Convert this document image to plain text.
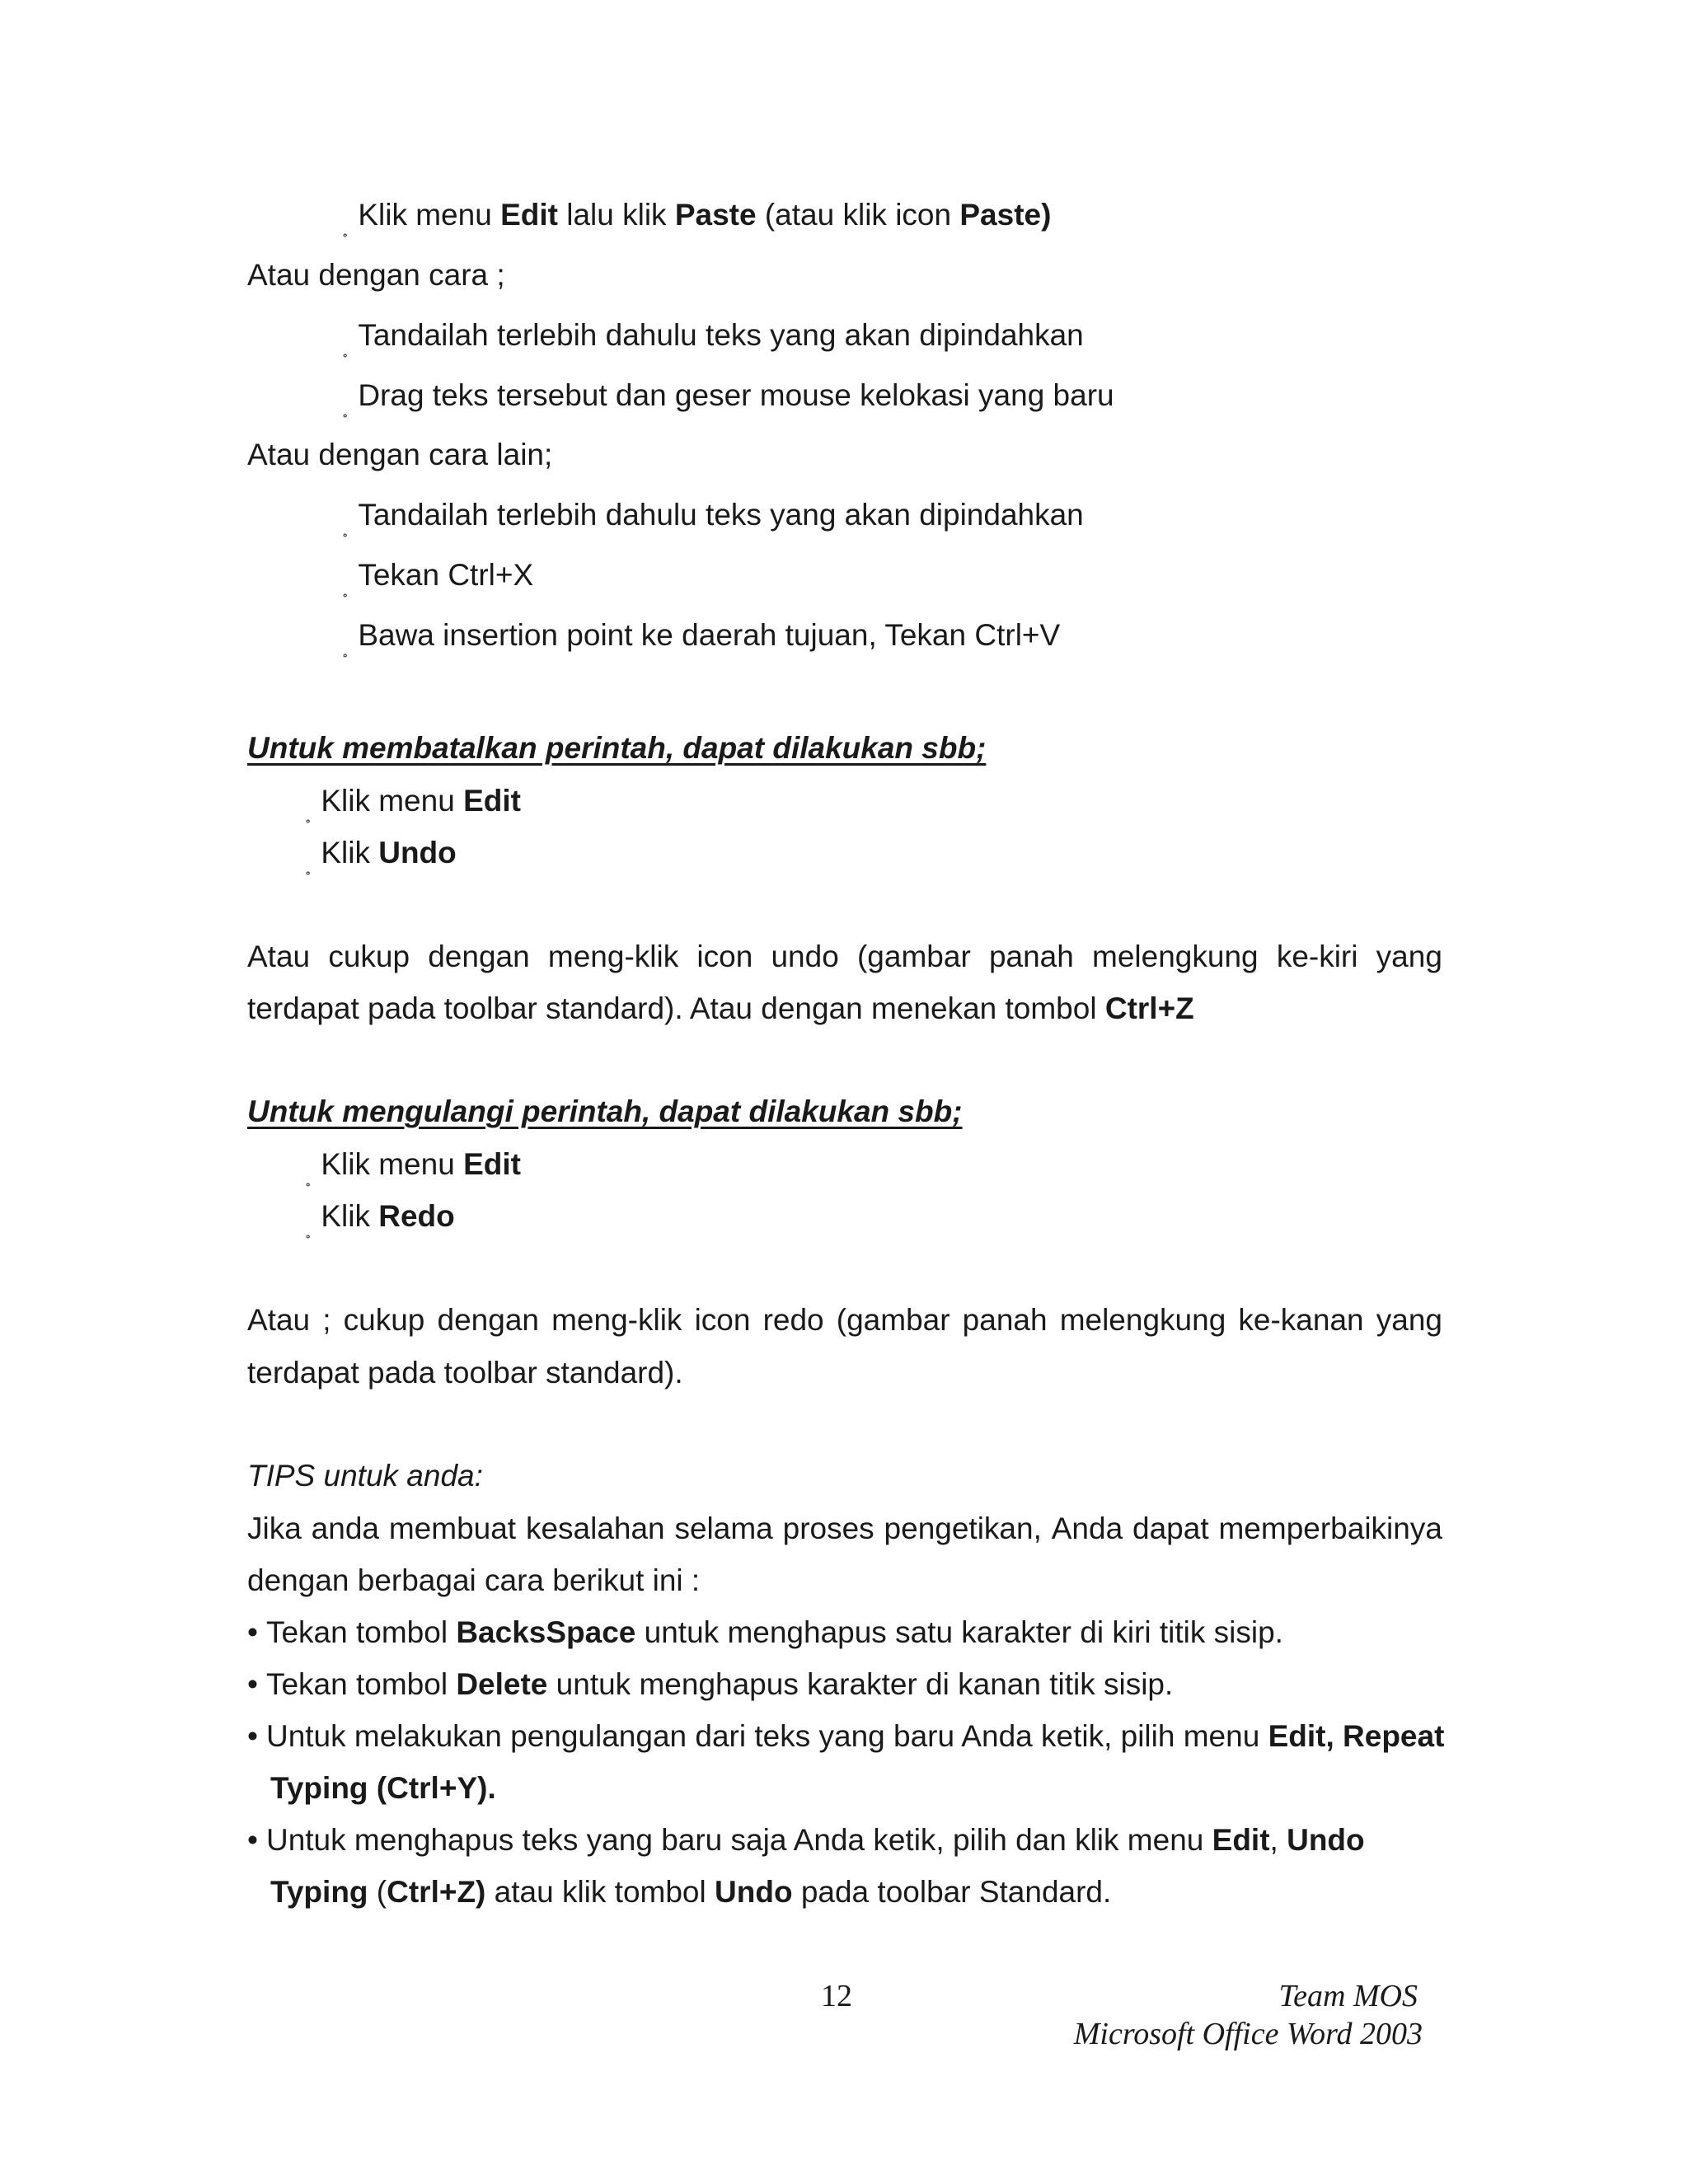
$_˳$ Klik menu Edit lalu klik Paste (atau klik icon Paste)
Atau dengan cara ;
$_˳$ Tandailah terlebih dahulu teks yang akan dipindahkan
$_˳$ Drag teks tersebut dan geser mouse kelokasi yang baru
Atau dengan cara lain;
$_˳$ Tandailah terlebih dahulu teks yang akan dipindahkan
$_˳$ Tekan Ctrl+X
$_˳$ Bawa insertion point ke daerah tujuan, Tekan Ctrl+V
Untuk membatalkan perintah, dapat dilakukan sbb;
$_˳$ Klik menu Edit
$_˳$ Klik Undo
Atau cukup dengan meng-klik icon undo (gambar panah melengkung ke-kiri yang
terdapat pada toolbar standard). Atau dengan menekan tombol Ctrl+Z
Untuk mengulangi perintah, dapat dilakukan sbb;
$_˳$ Klik menu Edit
$_˳$ Klik Redo
Atau ; cukup dengan meng-klik icon redo (gambar panah melengkung ke-kanan yang
terdapat pada toolbar standard).
TIPS untuk anda:
Jika anda membuat kesalahan selama proses pengetikan, Anda dapat memperbaikinya
dengan berbagai cara berikut ini :
• Tekan tombol BacksSpace untuk menghapus satu karakter di kiri titik sisip.
• Tekan tombol Delete untuk menghapus karakter di kanan titik sisip.
• Untuk melakukan pengulangan dari teks yang baru Anda ketik, pilih menu Edit, Repeat
Typing (Ctrl+Y).
• Untuk menghapus teks yang baru saja Anda ketik, pilih dan klik menu Edit, Undo
Typing (Ctrl+Z) atau klik tombol Undo pada toolbar Standard.
12	Team MOS
Microsoft Office Word 2003
